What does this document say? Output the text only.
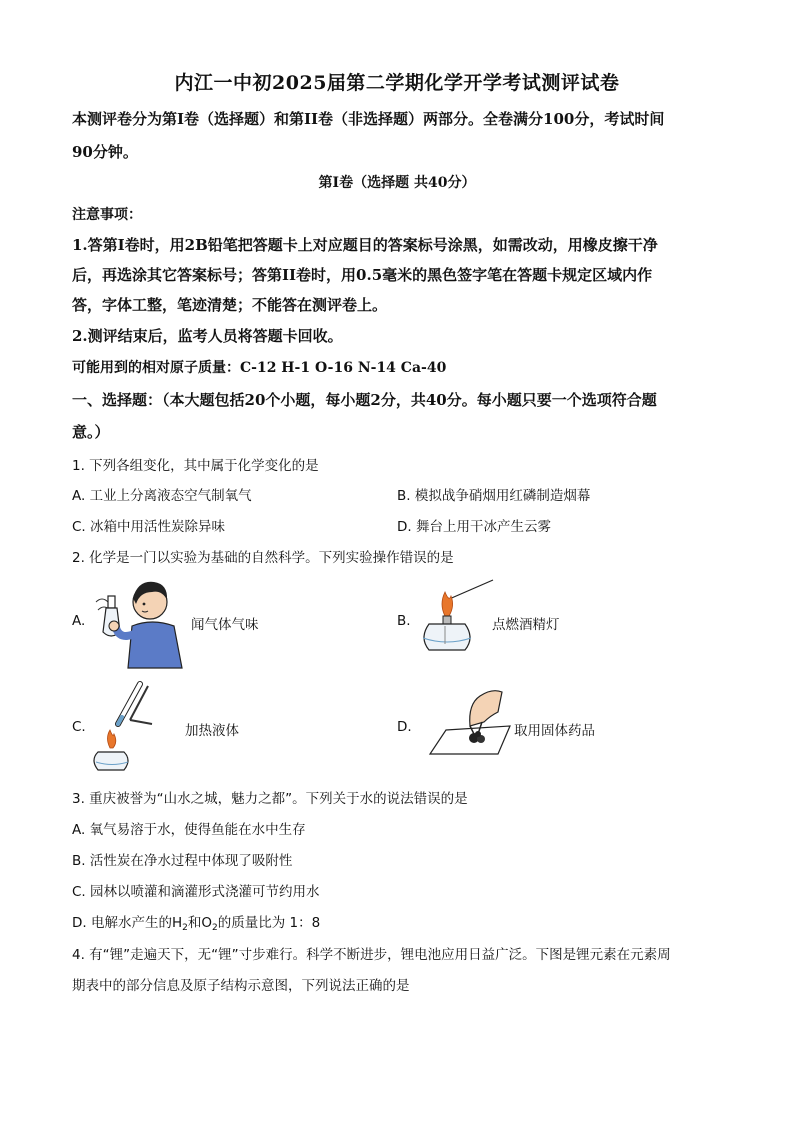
内江一中初2025届第二学期化学开学考试测评试卷
本测评卷分为第I卷（选择题）和第II卷（非选择题）两部分。全卷满分100分，考试时间
90分钟。
第I卷（选择题 共40分）
注意事项：
1.答第I卷时，用2B铅笔把答题卡上对应题目的答案标号涂黑，如需改动，用橡皮擦干净
后，再选涂其它答案标号；答第II卷时，用0.5毫米的黑色签字笔在答题卡规定区域内作
答，字体工整，笔迹清楚；不能答在测评卷上。
2.测评结束后，监考人员将答题卡回收。
可能用到的相对原子质量：C-12 H-1 O-16 N-14 Ca-40
一、选择题：（本大题包括20个小题，每小题2分，共40分。每小题只要一个选项符合题
意。）
1. 下列各组变化，其中属于化学变化的是
A. 工业上分离液态空气制氧气	B. 模拟战争硝烟用红磷制造烟幕
C. 冰箱中用活性炭除异味	D. 舞台上用干冰产生云雾
2. 化学是一门以实验为基础的自然科学。下列实验操作错误的是
A.	闻气体气味	B.	点燃酒精灯
C.	加热液体	D.	取用固体药品
3. 重庆被誉为“山水之城，魅力之都”。下列关于水的说法错误的是
A. 氧气易溶于水，使得鱼能在水中生存
B. 活性炭在净水过程中体现了吸附性
C. 园林以喷灌和滴灌形式浇灌可节约用水
D. 电解水产生的$H_2$和$O_2$的质量比为 1：8
4. 有“锂”走遍天下，无“锂”寸步难行。科学不断进步，锂电池应用日益广泛。下图是锂元素在元素周
期表中的部分信息及原子结构示意图，下列说法正确的是
